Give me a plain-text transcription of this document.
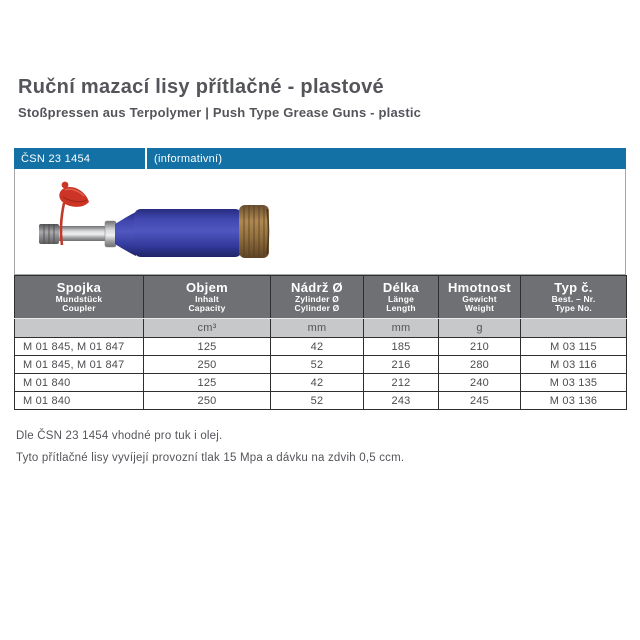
Ruční mazací lisy přítlačné - plastové
Stoßpressen aus Terpolymer | Push Type Grease Guns - plastic
ČSN 23 1454	(informativní)
Spojka
Mundstück
Coupler	Objem
Inhalt
Capacity	Nádrž Ø
Zylinder Ø
Cylinder Ø	Délka
Länge
Length	Hmotnost
Gewicht
Weight	Typ č.
Best. – Nr.
Type No.

	cm³	mm	mm	g	
M 01 845, M 01 847	125	42	185	210	M 03 115
M 01 845, M 01 847	250	52	216	280	M 03 116
M 01 840	125	42	212	240	M 03 135
M 01 840	250	52	243	245	M 03 136
Dle ČSN 23 1454 vhodné pro tuk i olej.
Tyto přítlačné lisy vyvíjejí provozní tlak 15 Mpa a dávku na zdvih 0,5 ccm.
